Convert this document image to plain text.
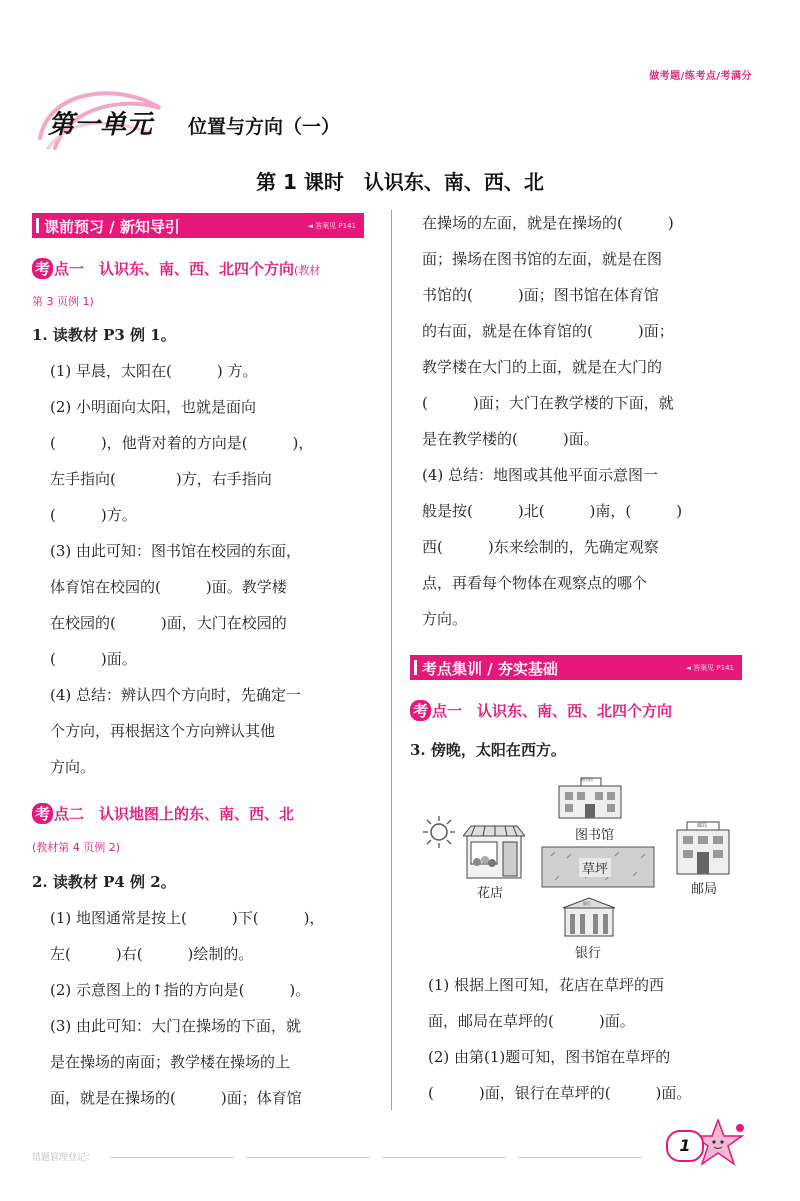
做考题/练考点/考满分
第一单元 位置与方向（一）
第 1 课时　认识东、南、西、北
课前预习 / 新知导引	◄ 答案见 P141
考 点一　认识东、南、西、北四个方向(教材
第 3 页例 1)
1. 读教材 P3 例 1。
(1) 早晨，太阳在(　　　) 方。
(2) 小明面向太阳，也就是面向
(　　　)，他背对着的方向是(　　　)，
左手指向(　　　　)方，右手指向
(　　　)方。
(3) 由此可知：图书馆在校园的东面，
体育馆在校园的(　　　)面。教学楼
在校园的(　　　)面，大门在校园的
(　　　)面。
(4) 总结：辨认四个方向时，先确定一
个方向，再根据这个方向辨认其他
方向。
考 点二　认识地图上的东、南、西、北
(教材第 4 页例 2)
2. 读教材 P4 例 2。
(1) 地图通常是按上(　　　)下(　　　)，
左(　　　)右(　　　)绘制的。
(2) 示意图上的↑指的方向是(　　　)。
(3) 由此可知：大门在操场的下面，就
是在操场的南面；教学楼在操场的上
面，就是在操场的(　　　)面；体育馆
在操场的左面，就是在操场的(　　　)
面；操场在图书馆的左面，就是在图
书馆的(　　　)面；图书馆在体育馆
的右面，就是在体育馆的(　　　)面；
教学楼在大门的上面，就是在大门的
(　　　)面；大门在教学楼的下面，就
是在教学楼的(　　　)面。
(4) 总结：地图或其他平面示意图一
般是按(　　　)北(　　　)南，(　　　)
西(　　　)东来绘制的，先确定观察
点，再看每个物体在观察点的哪个
方向。
考点集训 / 夯实基础	◄ 答案见 P141
考 点一　认识东、南、西、北四个方向
3. 傍晚，太阳在西方。
花店
图书馆
图书馆
草坪
邮局
邮局
银行
银行
(1) 根据上图可知，花店在草坪的西
面，邮局在草坪的(　　　)面。
(2) 由第(1)题可知，图书馆在草坪的
(　　　)面，银行在草坪的(　　　)面。
错题管理登记：
1
